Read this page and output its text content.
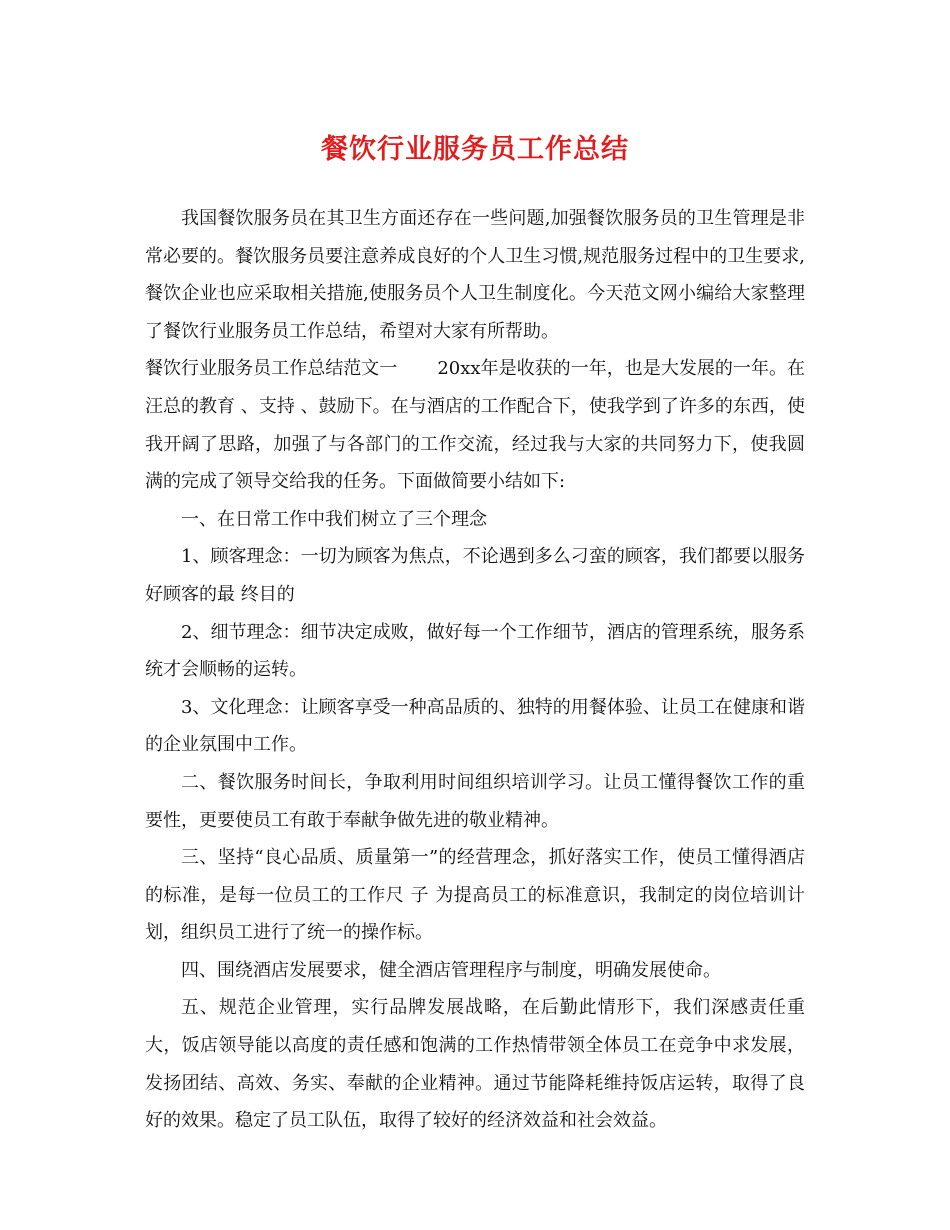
餐饮行业服务员工作总结

我国餐饮服务员在其卫生方面还存在一些问题,加强餐饮服务员的卫生管理是非常必要的。餐饮服务员要注意养成良好的个人卫生习惯,规范服务过程中的卫生要求,餐饮企业也应采取相关措施,使服务员个人卫生制度化。今天范文网小编给大家整理了餐饮行业服务员工作总结，希望对大家有所帮助。

餐饮行业服务员工作总结范文一 20xx年是收获的一年，也是大发展的一年。在汪总的教育 、支持 、鼓励下。在与酒店的工作配合下，使我学到了许多的东西，使我开阔了思路，加强了与各部门的工作交流，经过我与大家的共同努力下，使我圆满的完成了领导交给我的任务。下面做简要小结如下:

一、在日常工作中我们树立了三个理念

1、顾客理念：一切为顾客为焦点，不论遇到多么刁蛮的顾客，我们都要以服务好顾客的最 终目的

2、细节理念：细节决定成败，做好每一个工作细节，酒店的管理系统，服务系统才会顺畅的运转。

3、文化理念：让顾客享受一种高品质的、独特的用餐体验、让员工在健康和谐的企业氛围中工作。

二、餐饮服务时间长，争取利用时间组织培训学习。让员工懂得餐饮工作的重要性，更要使员工有敢于奉献争做先进的敬业精神。

三、坚持“良心品质、质量第一”的经营理念，抓好落实工作，使员工懂得酒店的标准，是每一位员工的工作尺 子 为提高员工的标准意识，我制定的岗位培训计划，组织员工进行了统一的操作标。

四、围绕酒店发展要求，健全酒店管理程序与制度，明确发展使命。

五、规范企业管理，实行品牌发展战略，在后勤此情形下，我们深感责任重大，饭店领导能以高度的责任感和饱满的工作热情带领全体员工在竞争中求发展，发扬团结、高效、务实、奉献的企业精神。通过节能降耗维持饭店运转，取得了良好的效果。稳定了员工队伍，取得了较好的经济效益和社会效益。
